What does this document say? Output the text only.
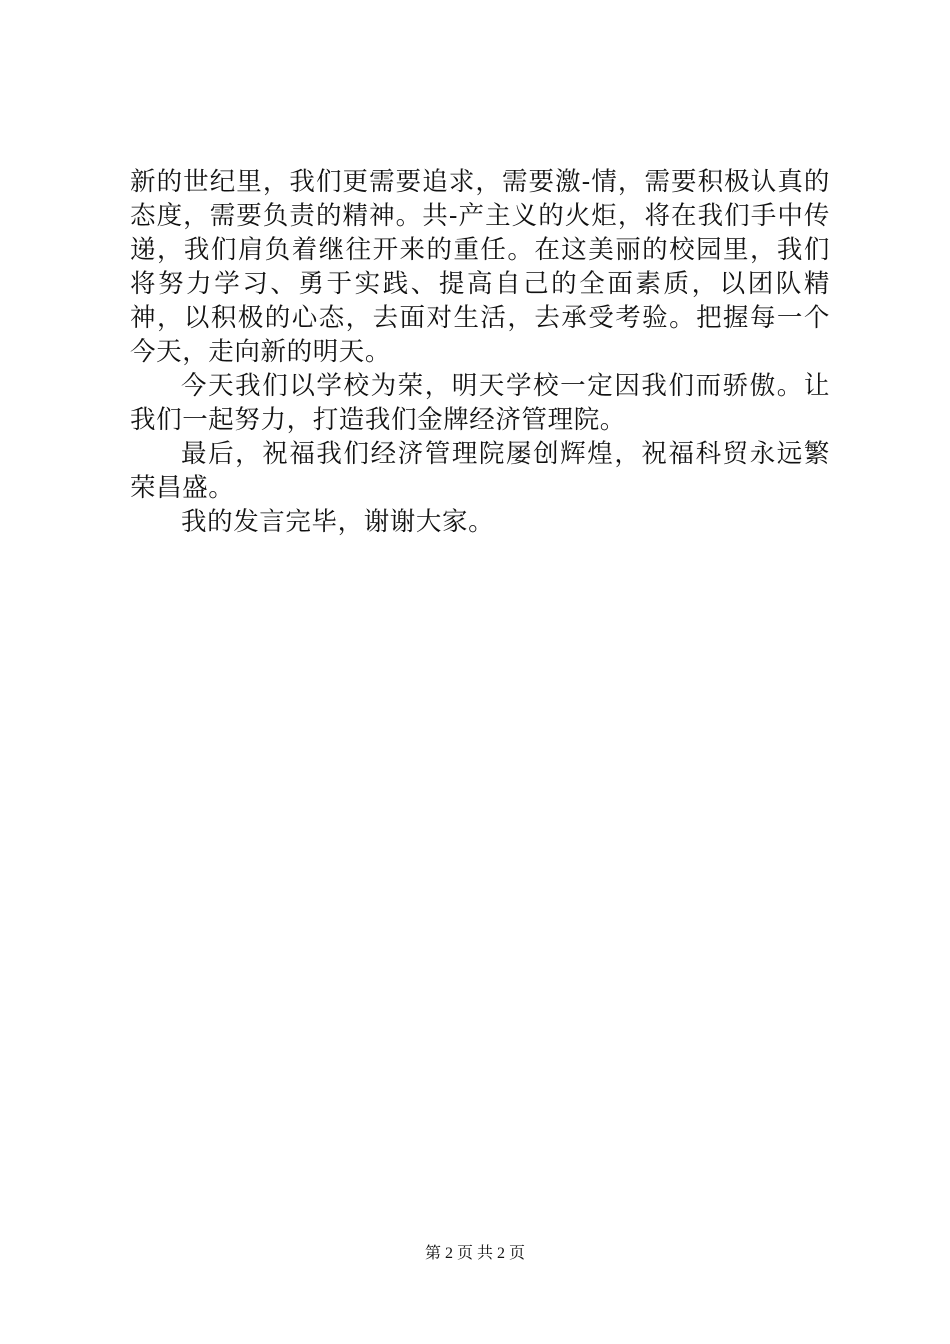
新的世纪里，我们更需要追求，需要激-情，需要积极认真的态度，需要负责的精神。共-产主义的火炬，将在我们手中传递，我们肩负着继往开来的重任。在这美丽的校园里，我们将努力学习、勇于实践、提高自己的全面素质，以团队精神，以积极的心态，去面对生活，去承受考验。把握每一个今天，走向新的明天。

今天我们以学校为荣，明天学校一定因我们而骄傲。让我们一起努力，打造我们金牌经济管理院。

最后，祝福我们经济管理院屡创辉煌，祝福科贸永远繁荣昌盛。

我的发言完毕，谢谢大家。

第 2 页 共 2 页
